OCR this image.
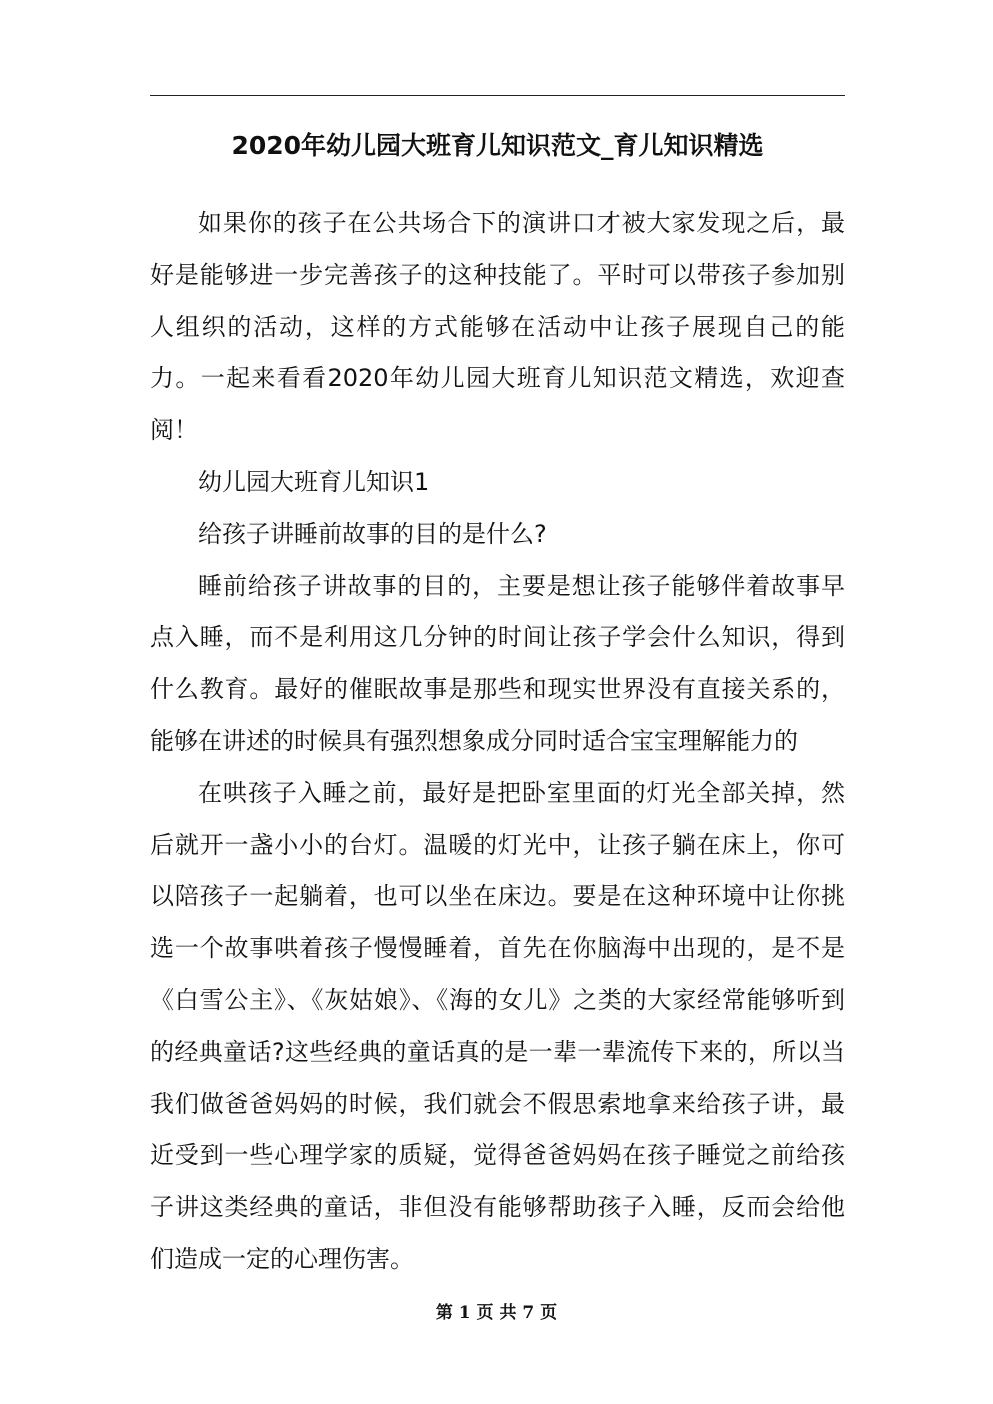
2020年幼儿园大班育儿知识范文_育儿知识精选

如果你的孩子在公共场合下的演讲口才被大家发现之后，最好是能够进一步完善孩子的这种技能了。平时可以带孩子参加别人组织的活动，这样的方式能够在活动中让孩子展现自己的能力。一起来看看2020年幼儿园大班育儿知识范文精选，欢迎查阅！

幼儿园大班育儿知识1

给孩子讲睡前故事的目的是什么?

睡前给孩子讲故事的目的，主要是想让孩子能够伴着故事早点入睡，而不是利用这几分钟的时间让孩子学会什么知识，得到什么教育。最好的催眠故事是那些和现实世界没有直接关系的，能够在讲述的时候具有强烈想象成分同时适合宝宝理解能力的

在哄孩子入睡之前，最好是把卧室里面的灯光全部关掉，然后就开一盏小小的台灯。温暖的灯光中，让孩子躺在床上，你可以陪孩子一起躺着，也可以坐在床边。要是在这种环境中让你挑选一个故事哄着孩子慢慢睡着，首先在你脑海中出现的，是不是《白雪公主》、《灰姑娘》、《海的女儿》之类的大家经常能够听到的经典童话?这些经典的童话真的是一辈一辈流传下来的，所以当我们做爸爸妈妈的时候，我们就会不假思索地拿来给孩子讲，最近受到一些心理学家的质疑，觉得爸爸妈妈在孩子睡觉之前给孩子讲这类经典的童话，非但没有能够帮助孩子入睡，反而会给他们造成一定的心理伤害。

第 1 页 共 7 页
